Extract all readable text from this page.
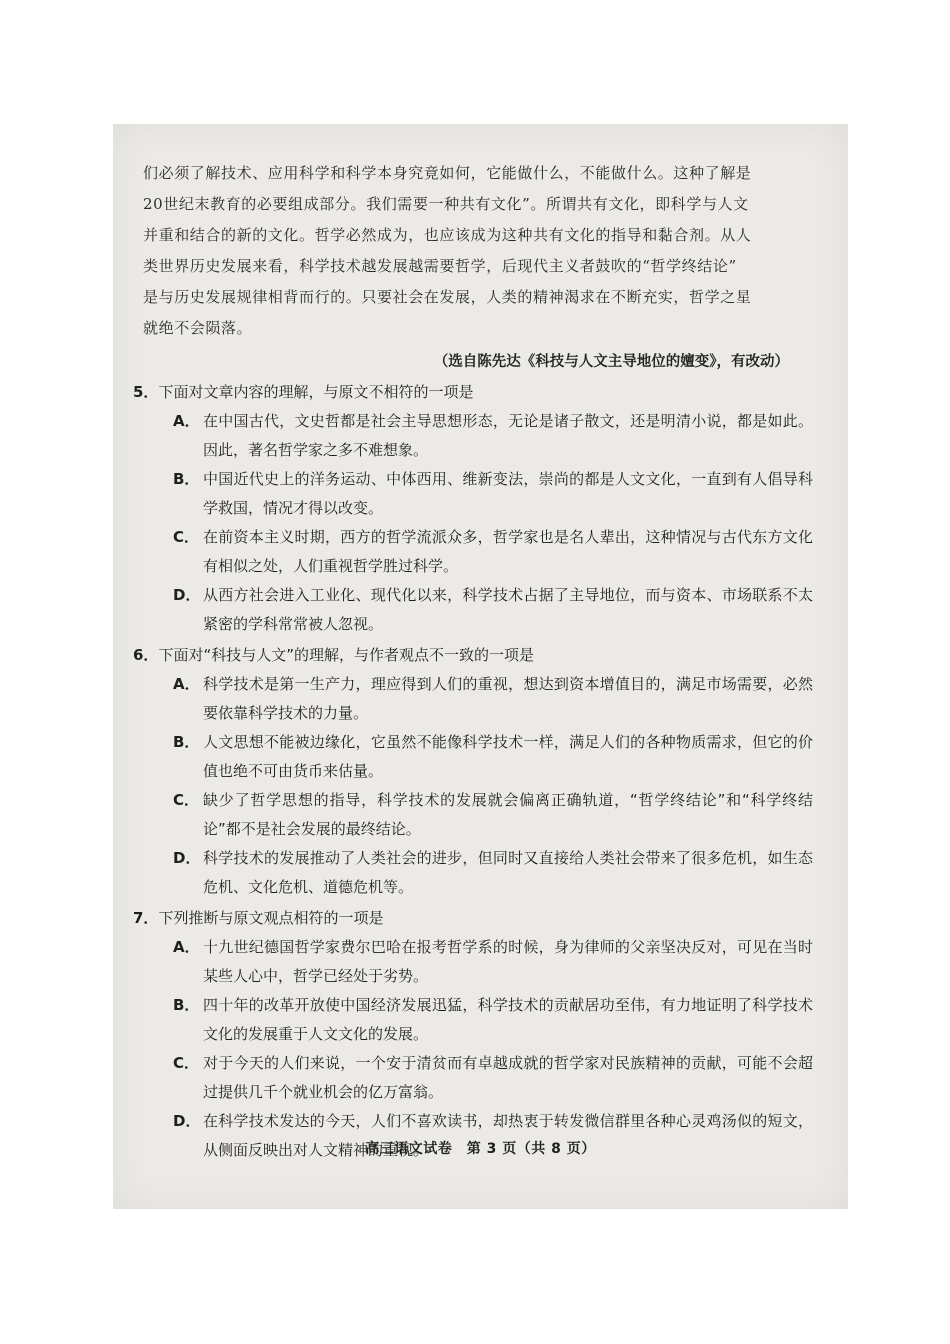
们必须了解技术、应用科学和科学本身究竟如何，它能做什么，不能做什么。这种了解是

20世纪末教育的必要组成部分。我们需要一种共有文化”。所谓共有文化，即科学与人文

并重和结合的新的文化。哲学必然成为，也应该成为这种共有文化的指导和黏合剂。从人

类世界历史发展来看，科学技术越发展越需要哲学，后现代主义者鼓吹的“哲学终结论”

是与历史发展规律相背而行的。只要社会在发展，人类的精神渴求在不断充实，哲学之星

就绝不会陨落。

（选自陈先达《科技与人文主导地位的嬗变》，有改动）
5．下面对文章内容的理解，与原文不相符的一项是
A． 在中国古代，文史哲都是社会主导思想形态，无论是诸子散文，还是明清小说，都是如此。因此，著名哲学家之多不难想象。
B． 中国近代史上的洋务运动、中体西用、维新变法，崇尚的都是人文文化，一直到有人倡导科学救国，情况才得以改变。
C． 在前资本主义时期，西方的哲学流派众多，哲学家也是名人辈出，这种情况与古代东方文化有相似之处，人们重视哲学胜过科学。
D． 从西方社会进入工业化、现代化以来，科学技术占据了主导地位，而与资本、市场联系不太紧密的学科常常被人忽视。
6．下面对“科技与人文”的理解，与作者观点不一致的一项是
A． 科学技术是第一生产力，理应得到人们的重视，想达到资本增值目的，满足市场需要，必然要依靠科学技术的力量。
B． 人文思想不能被边缘化，它虽然不能像科学技术一样，满足人们的各种物质需求，但它的价值也绝不可由货币来估量。
C． 缺少了哲学思想的指导，科学技术的发展就会偏离正确轨道，“哲学终结论”和“科学终结论”都不是社会发展的最终结论。
D． 科学技术的发展推动了人类社会的进步，但同时又直接给人类社会带来了很多危机，如生态危机、文化危机、道德危机等。
7．下列推断与原文观点相符的一项是
A． 十九世纪德国哲学家费尔巴哈在报考哲学系的时候，身为律师的父亲坚决反对，可见在当时某些人心中，哲学已经处于劣势。
B． 四十年的改革开放使中国经济发展迅猛，科学技术的贡献居功至伟，有力地证明了科学技术文化的发展重于人文文化的发展。
C． 对于今天的人们来说，一个安于清贫而有卓越成就的哲学家对民族精神的贡献，可能不会超过提供几千个就业机会的亿万富翁。
D． 在科学技术发达的今天，人们不喜欢读书，却热衷于转发微信群里各种心灵鸡汤似的短文，从侧面反映出对人文精神的重视。
高三语文试卷　第 3 页（共 8 页）
